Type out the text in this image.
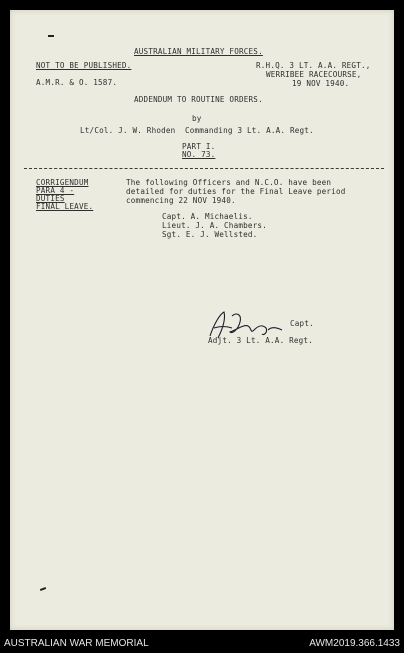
AUSTRALIAN MILITARY FORCES.
NOT TO BE PUBLISHED.	R.H.Q. 3 LT. A.A. REGT.,
WERRIBEE RACECOURSE,
A.M.R. & O. 1587.	19 NOV 1940.
ADDENDUM TO ROUTINE ORDERS.
by
Lt/Col. J. W. Rhoden  Commanding 3 Lt. A.A. Regt.
PART I.
NO. 73.
CORRIGENDUM
PARA 4 -
DUTIES
FINAL LEAVE.
The following Officers and N.C.O. have been
detailed for duties for the Final Leave period
commencing 22 NOV 1940.
Capt. A. Michaelis.
Lieut. J. A. Chambers.
Sgt. E. J. Wellsted.
Capt.
Adjt. 3 Lt. A.A. Regt.
AUSTRALIAN WAR MEMORIAL	AWM2019.366.1433
